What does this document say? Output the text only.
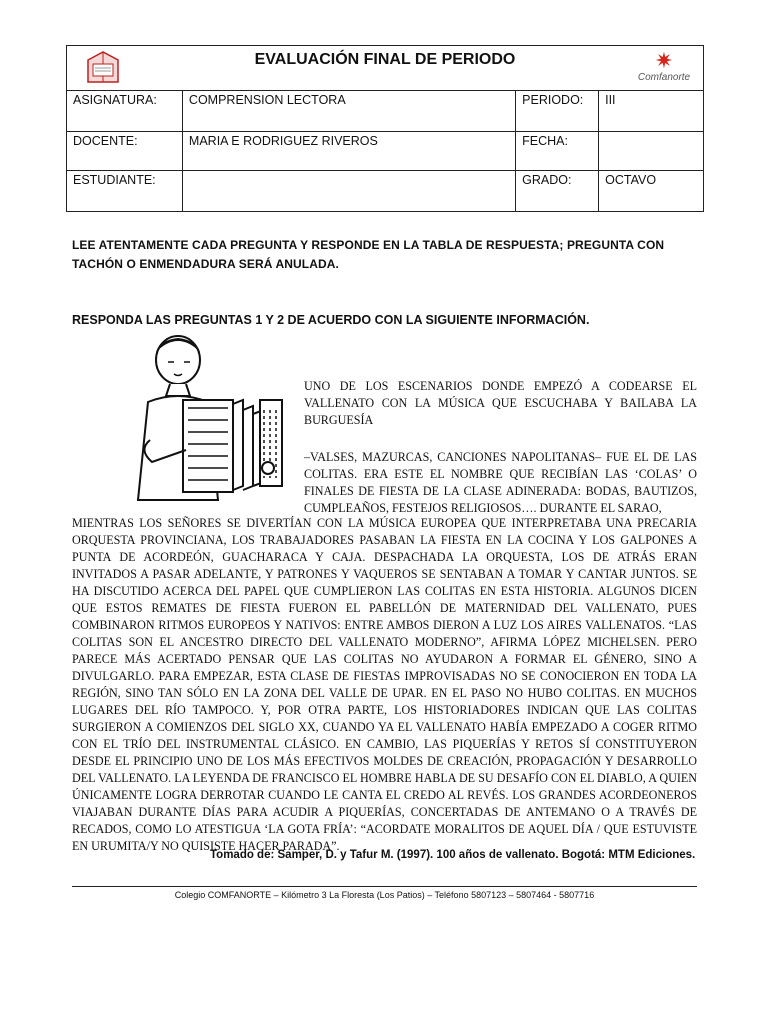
EVALUACIÓN FINAL DE PERIODO ✷
Comfanorte			

ASIGNATURA:	COMPRENSION LECTORA	PERIODO:	III
DOCENTE:	MARIA E RODRIGUEZ RIVEROS	FECHA:	
ESTUDIANTE:		GRADO:	OCTAVO
LEE ATENTAMENTE CADA PREGUNTA Y RESPONDE EN LA TABLA DE RESPUESTA; PREGUNTA CON TACHÓN O ENMENDADURA SERÁ ANULADA.
RESPONDA LAS PREGUNTAS 1 Y 2 DE ACUERDO CON LA SIGUIENTE INFORMACIÓN.
UNO DE LOS ESCENARIOS DONDE EMPEZÓ A CODEARSE EL VALLENATO CON LA MÚSICA QUE ESCUCHABA Y BAILABA LA BURGUESÍA
–VALSES, MAZURCAS, CANCIONES NAPOLITANAS– FUE EL DE LAS COLITAS. ERA ESTE EL NOMBRE QUE RECIBÍAN LAS ‘COLAS’ O FINALES DE FIESTA DE LA CLASE ADINERADA: BODAS, BAUTIZOS, CUMPLEAÑOS, FESTEJOS RELIGIOSOS…. DURANTE EL SARAO,
MIENTRAS LOS SEÑORES SE DIVERTÍAN CON LA MÚSICA EUROPEA QUE INTERPRETABA UNA PRECARIA ORQUESTA PROVINCIANA, LOS TRABAJADORES PASABAN LA FIESTA EN LA COCINA Y LOS GALPONES A PUNTA DE ACORDEÓN, GUACHARACA Y CAJA. DESPACHADA LA ORQUESTA, LOS DE ATRÁS ERAN INVITADOS A PASAR ADELANTE, Y PATRONES Y VAQUEROS SE SENTABAN A TOMAR Y CANTAR JUNTOS. SE HA DISCUTIDO ACERCA DEL PAPEL QUE CUMPLIERON LAS COLITAS EN ESTA HISTORIA. ALGUNOS DICEN QUE ESTOS REMATES DE FIESTA FUERON EL PABELLÓN DE MATERNIDAD DEL VALLENATO, PUES COMBINARON RITMOS EUROPEOS Y NATIVOS: ENTRE AMBOS DIERON A LUZ LOS AIRES VALLENATOS. “LAS COLITAS SON EL ANCESTRO DIRECTO DEL VALLENATO MODERNO”, AFIRMA LÓPEZ MICHELSEN. PERO PARECE MÁS ACERTADO PENSAR QUE LAS COLITAS NO AYUDARON A FORMAR EL GÉNERO, SINO A DIVULGARLO. PARA EMPEZAR, ESTA CLASE DE FIESTAS IMPROVISADAS NO SE CONOCIERON EN TODA LA REGIÓN, SINO TAN SÓLO EN LA ZONA DEL VALLE DE UPAR. EN EL PASO NO HUBO COLITAS. EN MUCHOS LUGARES DEL RÍO TAMPOCO. Y, POR OTRA PARTE, LOS HISTORIADORES INDICAN QUE LAS COLITAS SURGIERON A COMIENZOS DEL SIGLO XX, CUANDO YA EL VALLENATO HABÍA EMPEZADO A COGER RITMO CON EL TRÍO DEL INSTRUMENTAL CLÁSICO. EN CAMBIO, LAS PIQUERÍAS Y RETOS SÍ CONSTITUYERON DESDE EL PRINCIPIO UNO DE LOS MÁS EFECTIVOS MOLDES DE CREACIÓN, PROPAGACIÓN Y DESARROLLO DEL VALLENATO. LA LEYENDA DE FRANCISCO EL HOMBRE HABLA DE SU DESAFÍO CON EL DIABLO, A QUIEN ÚNICAMENTE LOGRA DERROTAR CUANDO LE CANTA EL CREDO AL REVÉS. LOS GRANDES ACORDEONEROS VIAJABAN DURANTE DÍAS PARA ACUDIR A PIQUERÍAS, CONCERTADAS DE ANTEMANO O A TRAVÉS DE RECADOS, COMO LO ATESTIGUA ‘LA GOTA FRÍA’: “ACORDATE MORALITOS DE AQUEL DÍA / QUE ESTUVISTE EN URUMITA/Y NO QUISISTE HACER PARADA”.
Tomado de: Samper, D. y Tafur M. (1997). 100 años de vallenato. Bogotá: MTM Ediciones.
Colegio COMFANORTE – Kilómetro 3 La Floresta (Los Patios) – Teléfono 5807123 – 5807464 - 5807716
